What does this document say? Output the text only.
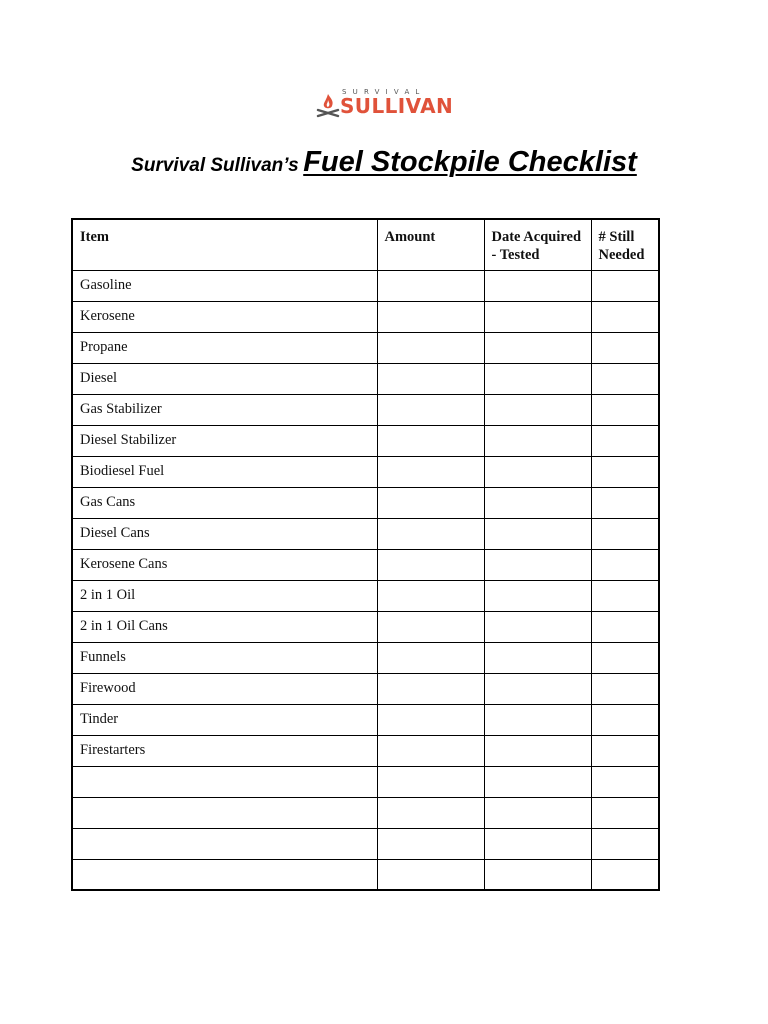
SURVIVAL
SULLIVAN
Survival Sullivan’s Fuel Stockpile Checklist
Item	Amount	Date Acquired - Tested	# Still Needed
Gasoline			
Kerosene			
Propane			
Diesel			
Gas Stabilizer			
Diesel Stabilizer			
Biodiesel Fuel			
Gas Cans			
Diesel Cans			
Kerosene Cans			
2 in 1 Oil			
2 in 1 Oil Cans			
Funnels			
Firewood			
Tinder			
Firestarters			
